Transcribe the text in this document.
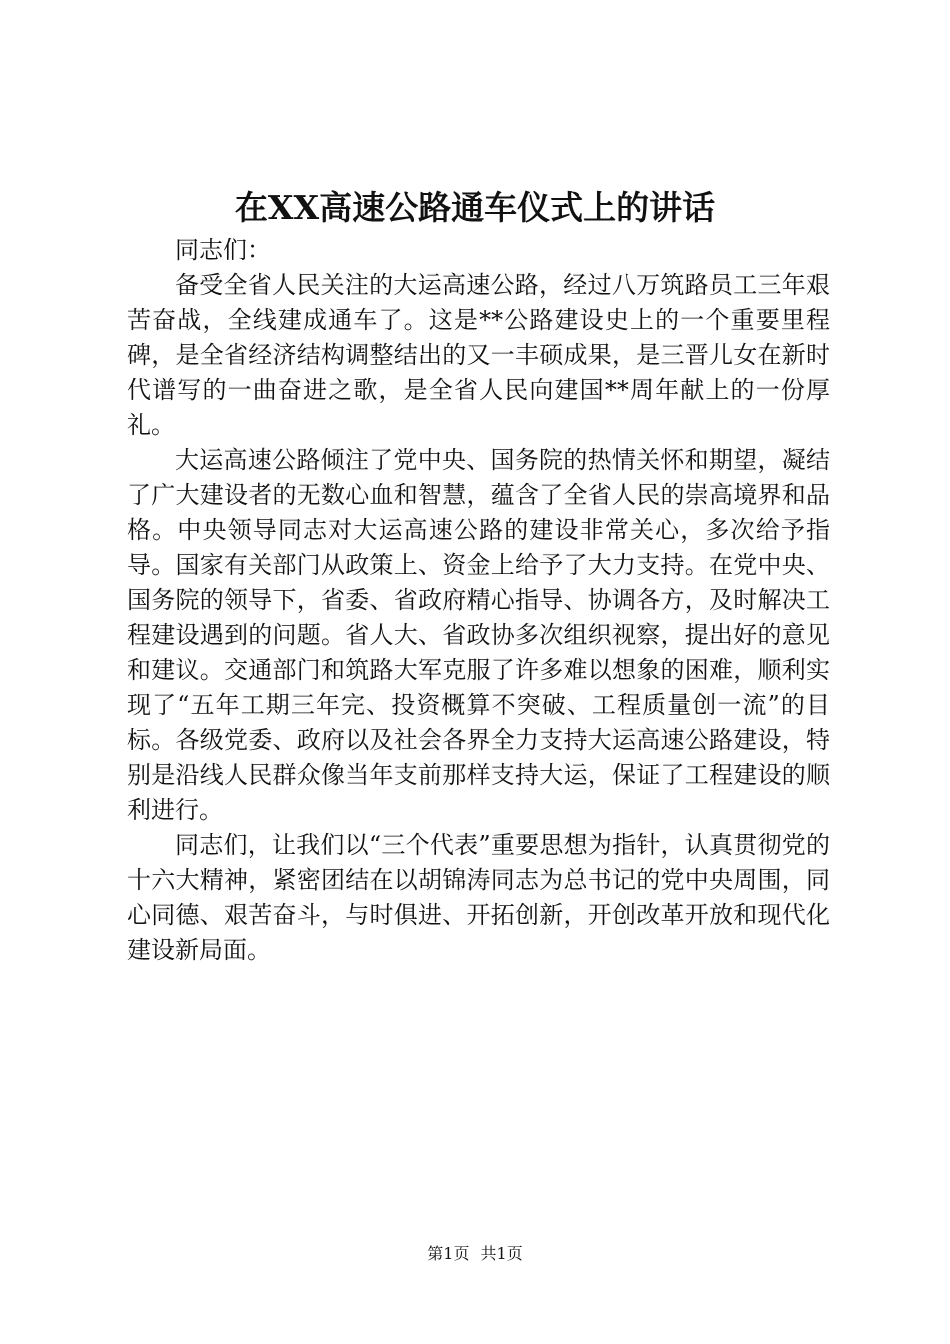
在XX高速公路通车仪式上的讲话

同志们：

备受全省人民关注的大运高速公路，经过八万筑路员工三年艰苦奋战，全线建成通车了。这是**公路建设史上的一个重要里程碑，是全省经济结构调整结出的又一丰硕成果，是三晋儿女在新时代谱写的一曲奋进之歌，是全省人民向建国**周年献上的一份厚礼。

大运高速公路倾注了党中央、国务院的热情关怀和期望，凝结了广大建设者的无数心血和智慧，蕴含了全省人民的崇高境界和品格。中央领导同志对大运高速公路的建设非常关心，多次给予指导。国家有关部门从政策上、资金上给予了大力支持。在党中央、国务院的领导下，省委、省政府精心指导、协调各方，及时解决工程建设遇到的问题。省人大、省政协多次组织视察，提出好的意见和建议。交通部门和筑路大军克服了许多难以想象的困难，顺利实现了“五年工期三年完、投资概算不突破、工程质量创一流”的目标。各级党委、政府以及社会各界全力支持大运高速公路建设，特别是沿线人民群众像当年支前那样支持大运，保证了工程建设的顺利进行。

同志们，让我们以“三个代表”重要思想为指针，认真贯彻党的十六大精神，紧密团结在以胡锦涛同志为总书记的党中央周围，同心同德、艰苦奋斗，与时俱进、开拓创新，开创改革开放和现代化建设新局面。

第1页 共1页
